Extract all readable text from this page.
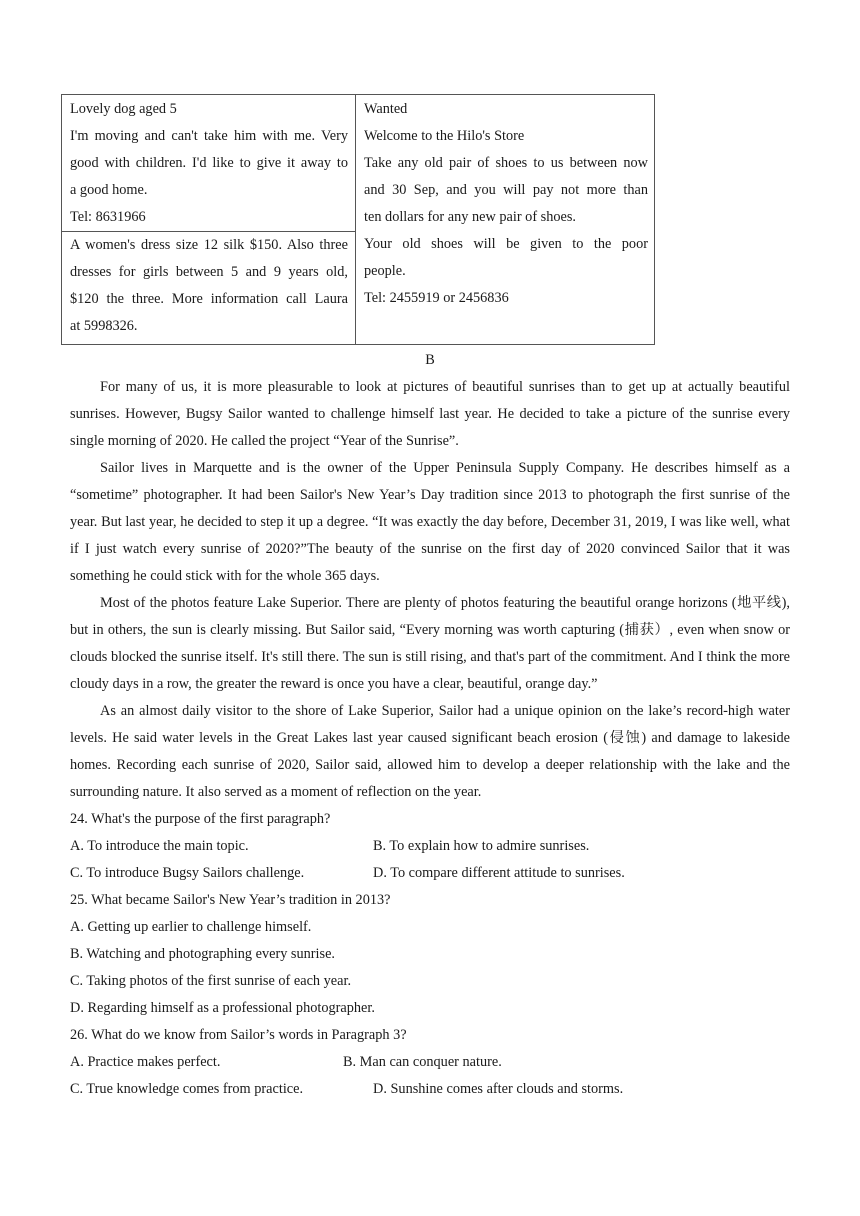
Lovely dog aged 5
I'm moving and can't take him with me. Very
good with children. I'd like to give it away to
a good home.
Tel: 8631966
A women's dress size 12 silk $150. Also three
dresses for girls between 5 and 9 years old,
$120 the three. More information call Laura
at 5998326.
Wanted
Welcome to the Hilo's Store
Take any old pair of shoes to us between now
and 30 Sep, and you will pay not more than
ten dollars for any new pair of shoes.
Your old shoes will be given to the poor
people.
Tel: 2455919 or 2456836
B

For many of us, it is more pleasurable to look at pictures of beautiful sunrises than to get up at actually beautiful sunrises. However, Bugsy Sailor wanted to challenge himself last year. He decided to take a picture of the sunrise every single morning of 2020. He called the project “Year of the Sunrise”.

Sailor lives in Marquette and is the owner of the Upper Peninsula Supply Company. He describes himself as a “sometime” photographer. It had been Sailor's New Year’s Day tradition since 2013 to photograph the first sunrise of the year. But last year, he decided to step it up a degree. “It was exactly the day before, December 31, 2019, I was like well, what if I just watch every sunrise of 2020?”The beauty of the sunrise on the first day of 2020 convinced Sailor that it was something he could stick with for the whole 365 days.

Most of the photos feature Lake Superior. There are plenty of photos featuring the beautiful orange horizons (地平线), but in others, the sun is clearly missing. But Sailor said, “Every morning was worth capturing (捕获）, even when snow or clouds blocked the sunrise itself. It's still there. The sun is still rising, and that's part of the commitment. And I think the more cloudy days in a row, the greater the reward is once you have a clear, beautiful, orange day.”

As an almost daily visitor to the shore of Lake Superior, Sailor had a unique opinion on the lake’s record-high water levels. He said water levels in the Great Lakes last year caused significant beach erosion (侵蚀) and damage to lakeside homes. Recording each sunrise of 2020, Sailor said, allowed him to develop a deeper relationship with the lake and the surrounding nature. It also served as a moment of reflection on the year.

24. What's the purpose of the first paragraph?

A. To introduce the main topic.	B. To explain how to admire sunrises.
C. To introduce Bugsy Sailors challenge.	D. To compare different attitude to sunrises.

25. What became Sailor's New Year’s tradition in 2013?

A. Getting up earlier to challenge himself.

B. Watching and photographing every sunrise.

C. Taking photos of the first sunrise of each year.

D. Regarding himself as a professional photographer.

26. What do we know from Sailor’s words in Paragraph 3?

A. Practice makes perfect.	B. Man can conquer nature.
C. True knowledge comes from practice.	D. Sunshine comes after clouds and storms.
